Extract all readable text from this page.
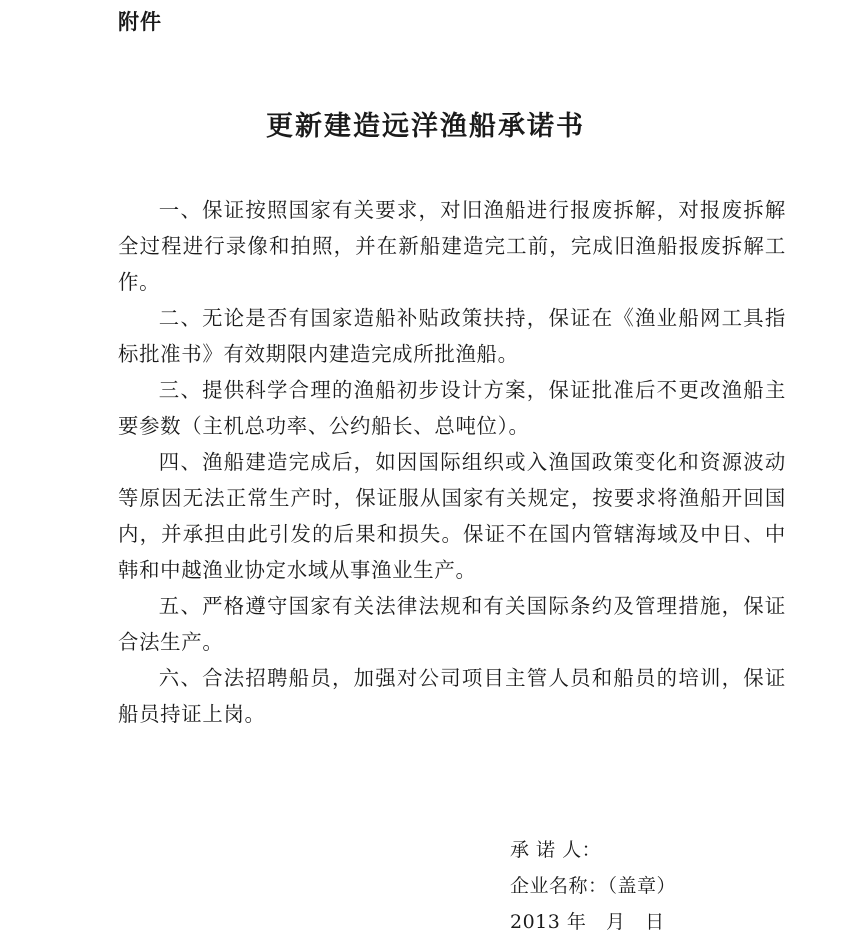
附件
更新建造远洋渔船承诺书

一、保证按照国家有关要求，对旧渔船进行报废拆解，对报废拆解全过程进行录像和拍照，并在新船建造完工前，完成旧渔船报废拆解工作。

二、无论是否有国家造船补贴政策扶持，保证在《渔业船网工具指标批准书》有效期限内建造完成所批渔船。

三、提供科学合理的渔船初步设计方案，保证批准后不更改渔船主要参数（主机总功率、公约船长、总吨位）。

四、渔船建造完成后，如因国际组织或入渔国政策变化和资源波动等原因无法正常生产时，保证服从国家有关规定，按要求将渔船开回国内，并承担由此引发的后果和损失。保证不在国内管辖海域及中日、中韩和中越渔业协定水域从事渔业生产。

五、严格遵守国家有关法律法规和有关国际条约及管理措施，保证合法生产。

六、合法招聘船员，加强对公司项目主管人员和船员的培训，保证船员持证上岗。

承 诺 人：
企业名称：（盖章）
2013 年   月   日
